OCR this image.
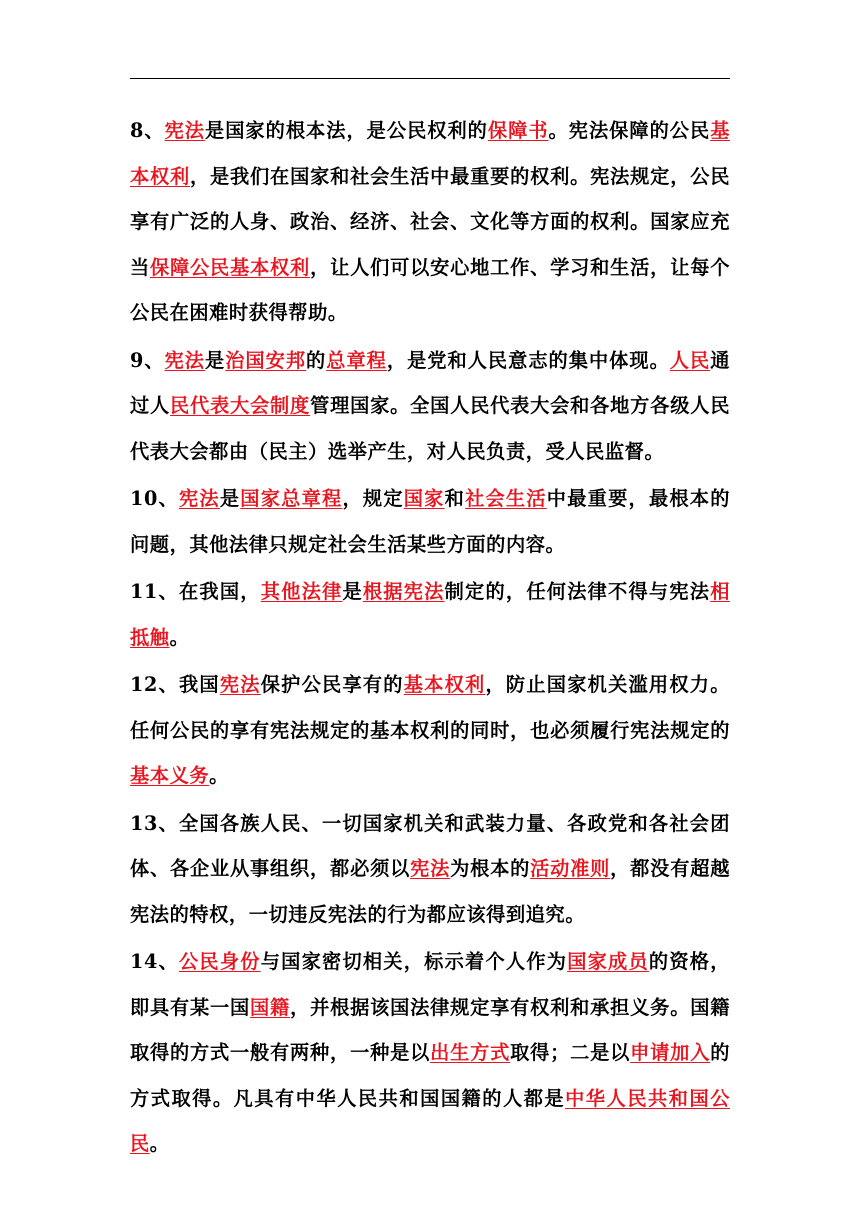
8、宪法是国家的根本法，是公民权利的保障书。宪法保障的公民基本权利，是我们在国家和社会生活中最重要的权利。宪法规定，公民享有广泛的人身、政治、经济、社会、文化等方面的权利。国家应充当保障公民基本权利，让人们可以安心地工作、学习和生活，让每个公民在困难时获得帮助。

9、宪法是治国安邦的总章程，是党和人民意志的集中体现。人民通过人民代表大会制度管理国家。全国人民代表大会和各地方各级人民代表大会都由（民主）选举产生，对人民负责，受人民监督。

10、宪法是国家总章程，规定国家和社会生活中最重要，最根本的问题，其他法律只规定社会生活某些方面的内容。

11、在我国，其他法律是根据宪法制定的，任何法律不得与宪法相抵触。

12、我国宪法保护公民享有的基本权利，防止国家机关滥用权力。任何公民的享有宪法规定的基本权利的同时，也必须履行宪法规定的基本义务。

13、全国各族人民、一切国家机关和武装力量、各政党和各社会团体、各企业从事组织，都必须以宪法为根本的活动准则，都没有超越宪法的特权，一切违反宪法的行为都应该得到追究。

14、公民身份与国家密切相关，标示着个人作为国家成员的资格，即具有某一国国籍，并根据该国法律规定享有权利和承担义务。国籍取得的方式一般有两种，一种是以出生方式取得；二是以申请加入的方式取得。凡具有中华人民共和国国籍的人都是中华人民共和国公民。
